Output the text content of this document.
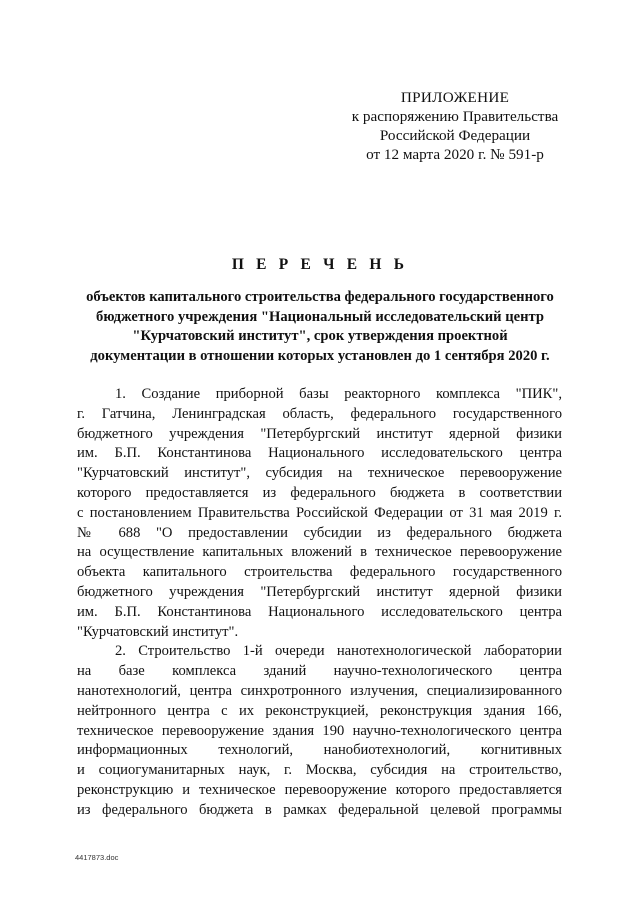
ПРИЛОЖЕНИЕ
к распоряжению Правительства
Российской Федерации
от 12 марта 2020 г. № 591-р
П Е Р Е Ч Е Н Ь
объектов капитального строительства федерального государственного
бюджетного учреждения "Национальный исследовательский центр
"Курчатовский институт", срок утверждения проектной
документации в отношении которых установлен до 1 сентября 2020 г.
1. Создание приборной базы реакторного комплекса "ПИК",
г. Гатчина, Ленинградская область, федерального государственного
бюджетного учреждения "Петербургский институт ядерной физики
им. Б.П. Константинова Национального исследовательского центра
"Курчатовский институт", субсидия на техническое перевооружение
которого предоставляется из федерального бюджета в соответствии
с постановлением Правительства Российской Федерации от 31 мая 2019 г.
№ 688 "О предоставлении субсидии из федерального бюджета
на осуществление капитальных вложений в техническое перевооружение
объекта капитального строительства федерального государственного
бюджетного учреждения "Петербургский институт ядерной физики
им. Б.П. Константинова Национального исследовательского центра
"Курчатовский институт".
2. Строительство 1-й очереди нанотехнологической лаборатории
на базе комплекса зданий научно-технологического центра
нанотехнологий, центра синхротронного излучения, специализированного
нейтронного центра с их реконструкцией, реконструкция здания 166,
техническое перевооружение здания 190 научно-технологического центра
информационных технологий, нанобиотехнологий, когнитивных
и социогуманитарных наук, г. Москва, субсидия на строительство,
реконструкцию и техническое перевооружение которого предоставляется
из федерального бюджета в рамках федеральной целевой программы
4417873.doc
